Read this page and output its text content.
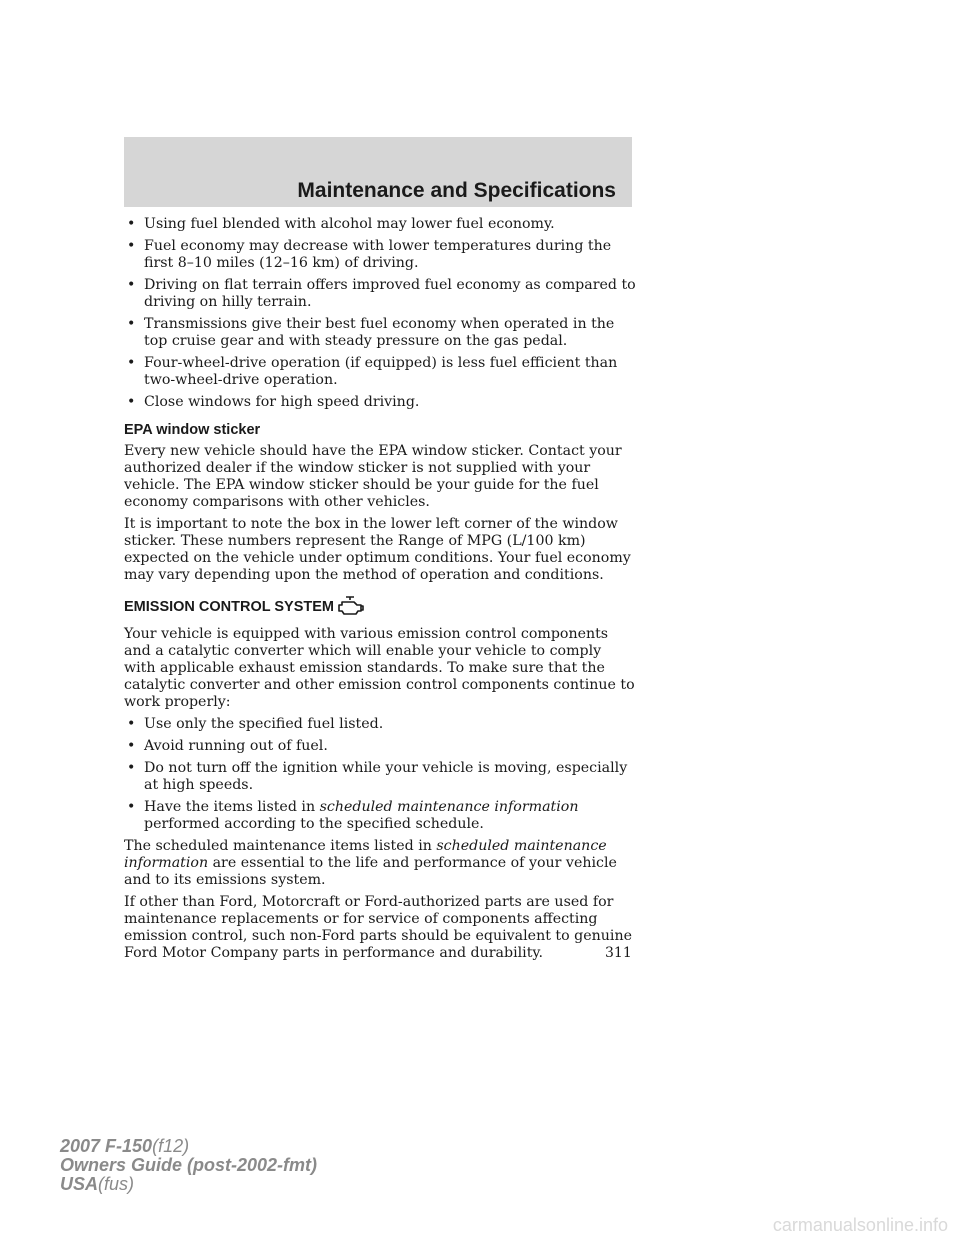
Maintenance and Specifications
• Using fuel blended with alcohol may lower fuel economy.
• Fuel economy may decrease with lower temperatures during the first 8–10 miles (12–16 km) of driving.
• Driving on flat terrain offers improved fuel economy as compared to driving on hilly terrain.
• Transmissions give their best fuel economy when operated in the top cruise gear and with steady pressure on the gas pedal.
• Four-wheel-drive operation (if equipped) is less fuel efficient than two-wheel-drive operation.
• Close windows for high speed driving.
EPA window sticker

Every new vehicle should have the EPA window sticker. Contact your authorized dealer if the window sticker is not supplied with your vehicle. The EPA window sticker should be your guide for the fuel economy comparisons with other vehicles.

It is important to note the box in the lower left corner of the window sticker. These numbers represent the Range of MPG (L/100 km) expected on the vehicle under optimum conditions. Your fuel economy may vary depending upon the method of operation and conditions.

EMISSION CONTROL SYSTEM

Your vehicle is equipped with various emission control components and a catalytic converter which will enable your vehicle to comply with applicable exhaust emission standards. To make sure that the catalytic converter and other emission control components continue to work properly:

• Use only the specified fuel listed.
• Avoid running out of fuel.
• Do not turn off the ignition while your vehicle is moving, especially at high speeds.
• Have the items listed in scheduled maintenance information performed according to the specified schedule.

The scheduled maintenance items listed in scheduled maintenance information are essential to the life and performance of your vehicle and to its emissions system.

If other than Ford, Motorcraft or Ford-authorized parts are used for maintenance replacements or for service of components affecting emission control, such non-Ford parts should be equivalent to genuine Ford Motor Company parts in performance and durability.	311
2007 F-150(f12)
Owners Guide (post-2002-fmt)
USA(fus)
carmanualsonline.info
